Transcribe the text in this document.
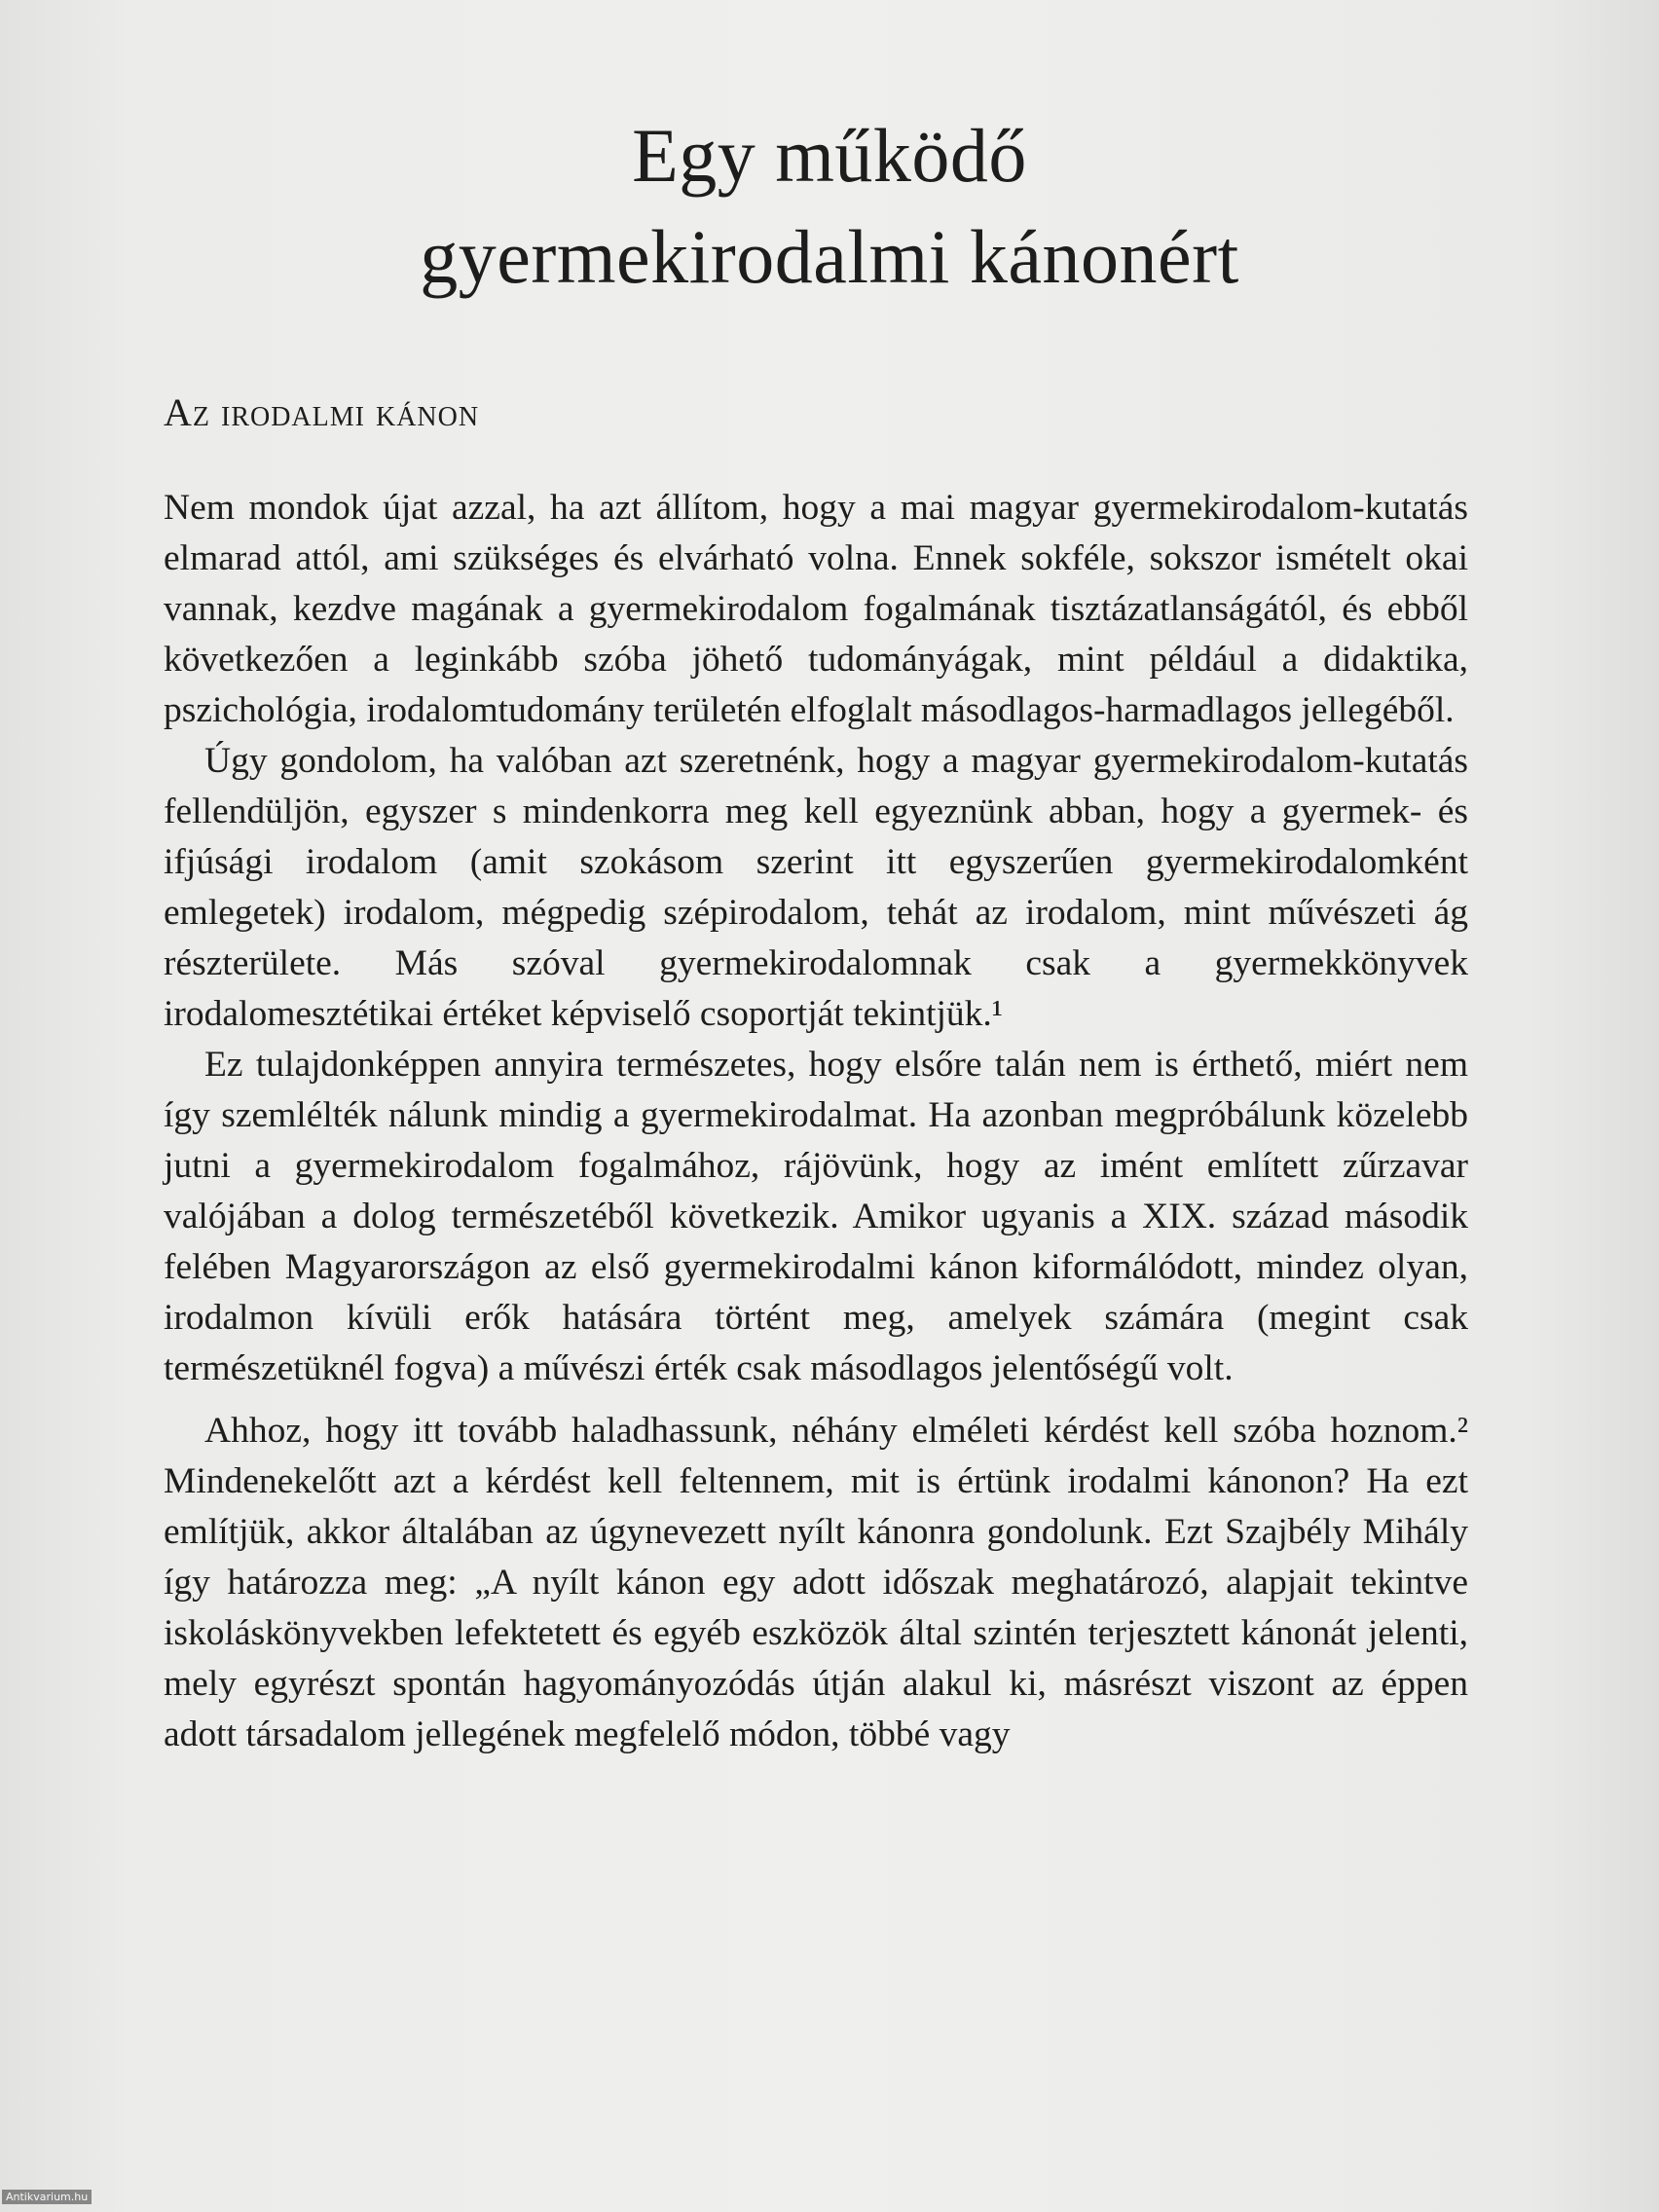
Egy működő
gyermekirodalmi kánonért
Az irodalmi kánon

Nem mondok újat azzal, ha azt állítom, hogy a mai magyar gyermekirodalom-kutatás elmarad attól, ami szükséges és elvárható volna. Ennek sokféle, sokszor ismételt okai vannak, kezdve magának a gyermekirodalom fogalmának tisztázatlanságától, és ebből következően a leginkább szóba jöhető tudományágak, mint például a didaktika, pszichológia, irodalomtudomány területén elfoglalt másodlagos-harmadlagos jellegéből.

Úgy gondolom, ha valóban azt szeretnénk, hogy a magyar gyermekirodalom-kutatás fellendüljön, egyszer s mindenkorra meg kell egyeznünk abban, hogy a gyermek- és ifjúsági irodalom (amit szokásom szerint itt egyszerűen gyermekirodalomként emlegetek) irodalom, mégpedig szépirodalom, tehát az irodalom, mint művészeti ág részterülete. Más szóval gyermekirodalomnak csak a gyermekkönyvek irodalomesztétikai értéket képviselő csoportját tekintjük.¹

Ez tulajdonképpen annyira természetes, hogy elsőre talán nem is érthető, miért nem így szemlélték nálunk mindig a gyermekirodalmat. Ha azonban megpróbálunk közelebb jutni a gyermekirodalom fogalmához, rájövünk, hogy az imént említett zűrzavar valójában a dolog természetéből következik. Amikor ugyanis a XIX. század második felében Magyarországon az első gyermekirodalmi kánon kiformálódott, mindez olyan, irodalmon kívüli erők hatására történt meg, amelyek számára (megint csak természetüknél fogva) a művészi érték csak másodlagos jelentőségű volt.

Ahhoz, hogy itt tovább haladhassunk, néhány elméleti kérdést kell szóba hoznom.² Mindenekelőtt azt a kérdést kell feltennem, mit is értünk irodalmi kánonon? Ha ezt említjük, akkor általában az úgynevezett nyílt kánonra gondolunk. Ezt Szajbély Mihály így határozza meg: „A nyílt kánon egy adott időszak meghatározó, alapjait tekintve iskoláskönyvekben lefektetett és egyéb eszközök által szintén terjesztett kánonát jelenti, mely egyrészt spontán hagyományozódás útján alakul ki, másrészt viszont az éppen adott társadalom jellegének megfelelő módon, többé vagy

Antikvarium.hu
